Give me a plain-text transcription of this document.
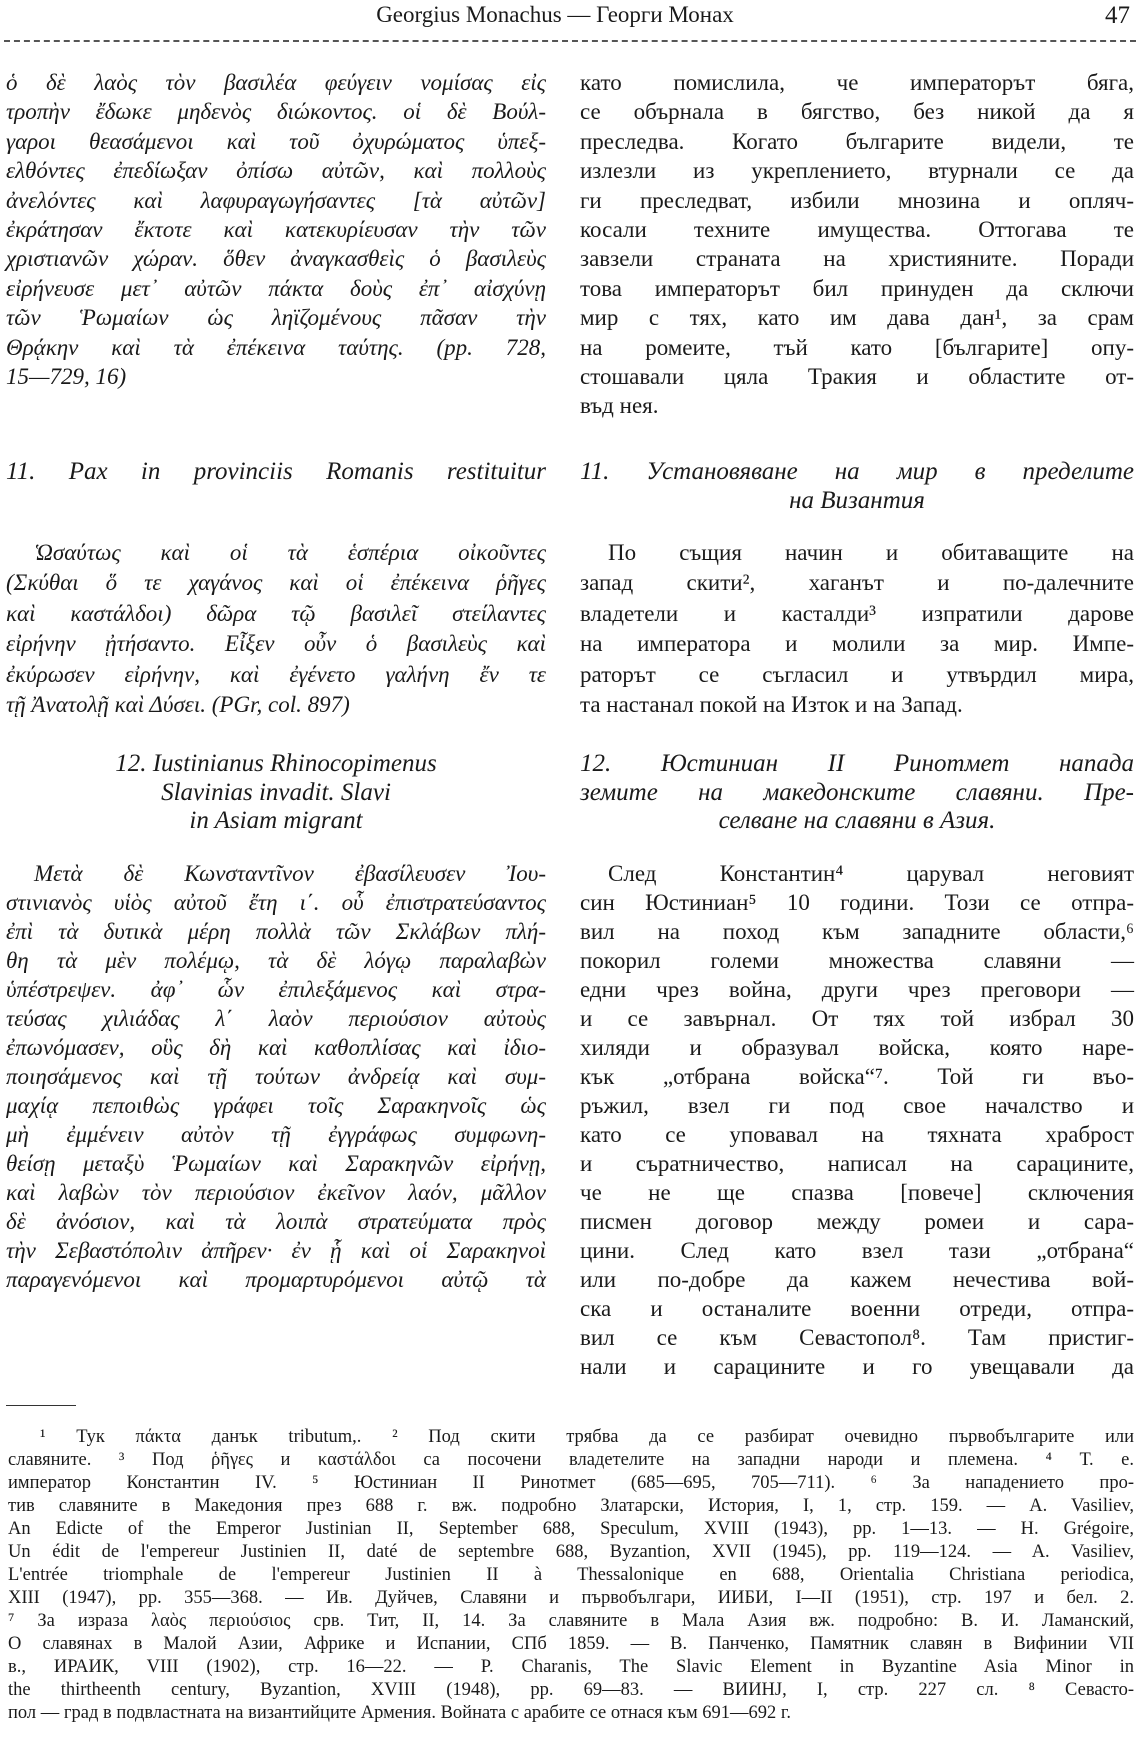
Georgius Monachus — Георги Монах	47
ὁ δὲ λαὸς τὸν βασιλέα φεύγειν νομίσας εἰς
τροπὴν ἔδωκε μηδενὸς διώκοντος. οἱ δὲ Βούλ-
γαροι θεασάμενοι καὶ τοῦ ὀχυρώματος ὑπεξ-
ελθόντες ἐπεδίωξαν ὀπίσω αὐτῶν, καὶ πολλοὺς
ἀνελόντες καὶ λαφυραγωγήσαντες [τὰ αὐτῶν]
ἐκράτησαν ἔκτοτε καὶ κατεκυρίευσαν τὴν τῶν
χριστιανῶν χώραν. ὅθεν ἀναγκασθεὶς ὁ βασιλεὺς
εἰρήνευσε μετ᾽ αὐτῶν πάκτα δοὺς ἐπ᾽ αἰσχύνῃ
τῶν Ῥωμαίων ὡς ληϊζομένους πᾶσαν τὴν
Θρᾴκην καὶ τὰ ἐπέκεινα ταύτης. (pp. 728,
15—729, 16)
като помислила, че императорът бяга,
се обърнала в бягство, без никой да я
преследва. Когато българите видели, те
излезли из укреплението, втурнали се да
ги преследват, избили мнозина и опляч-
косали техните имущества. Оттогава те
завзели страната на християните. Поради
това императорът бил принуден да сключи
мир с тях, като им дава дан¹, за срам
на ромеите, тъй като [българите] опу-
стошавали цяла Тракия и областите от-
въд нея.
11. Pax in provinciis Romanis restituitur 11. Установяване на мир в пределите
на Византия
Ὡσαύτως καὶ οἱ τὰ ἑσπέρια οἰκοῦντες
(Σκύθαι ὅ τε χαγάνος καὶ οἱ ἐπέκεινα ῥῆγες
καὶ καστάλδοι) δῶρα τῷ βασιλεῖ στείλαντες
εἰρήνην ᾐτήσαντο. Εἶξεν οὖν ὁ βασιλεὺς καὶ
ἐκύρωσεν εἰρήνην, καὶ ἐγένετο γαλήνη ἔν τε
τῇ Ἀνατολῇ καὶ Δύσει. (PGr, col. 897)
По същия начин и обитаващите на
запад скити², хаганът и по-далечните
владетели и касталди³ изпратили дарове
на императора и молили за мир. Импе-
раторът се съгласил и утвърдил мира,
та настанал покой на Изток и на Запад.
12. Iustinianus Rhinocopimenus
Slavinias invadit. Slavi
in Asiam migrant
12. Юстиниан II Ринотмет напада
земите на македонските славяни. Пре-
селване на славяни в Азия.
Μετὰ δὲ Κωνσταντῖνον ἐβασίλευσεν Ἰου-
στινιανὸς υἱὸς αὐτοῦ ἔτη ι΄. οὗ ἐπιστρατεύσαντος
ἐπὶ τὰ δυτικὰ μέρη πολλὰ τῶν Σκλάβων πλή-
θη τὰ μὲν πολέμῳ, τὰ δὲ λόγῳ παραλαβὼν
ὑπέστρεψεν. ἀφ᾽ ὧν ἐπιλεξάμενος καὶ στρα-
τεύσας χιλιάδας λ΄ λαὸν περιούσιον αὐτοὺς
ἐπωνόμασεν, οὓς δὴ καὶ καθοπλίσας καὶ ἰδιο-
ποιησάμενος καὶ τῇ τούτων ἀνδρείᾳ καὶ συμ-
μαχίᾳ πεποιθὼς γράφει τοῖς Σαρακηνοῖς ὡς
μὴ ἐμμένειν αὐτὸν τῇ ἐγγράφως συμφωνη-
θείσῃ μεταξὺ Ῥωμαίων καὶ Σαρακηνῶν εἰρήνῃ,
καὶ λαβὼν τὸν περιούσιον ἐκεῖνον λαόν, μᾶλλον
δὲ ἀνόσιον, καὶ τὰ λοιπὰ στρατεύματα πρὸς
τὴν Σεβαστόπολιν ἀπῆρεν· ἐν ᾗ καὶ οἱ Σαρακηνοὶ
παραγενόμενοι καὶ προμαρτυρόμενοι αὐτῷ τὰ
След Константин⁴ царувал неговият
син Юстиниан⁵ 10 години. Този се отпра-
вил на поход към западните области,⁶
покорил големи множества славяни —
едни чрез война, други чрез преговори —
и се завърнал. От тях той избрал 30
хиляди и образувал войска, която наре-
кък „отбрана войска“⁷. Той ги въо-
ръжил, взел ги под свое началство и
като се уповавал на тяхната храброст
и съратничество, написал на сарацините,
че не ще спазва [повече] сключения
писмен договор между ромеи и сара-
цини. След като взел тази „отбрана“
или по-добре да кажем нечестива вой-
ска и останалите военни отреди, отпра-
вил се към Севастопол⁸. Там пристиг-
нали и сарацините и го увещавали да
¹ Тук πάκτα данък tributum,. ² Под скити трябва да се разбират очевидно първобългарите или
славяните. ³ Под ῥῆγες и καστάλδοι са посочени владетелите на западни народи и племена. ⁴ Т. е.
император Константин IV. ⁵ Юстиниан II Ринотмет (685—695, 705—711). ⁶ За нападението про-
тив славяните в Македония през 688 г. вж. подробно Златарски, История, I, 1, стр. 159. — A. Vasiliev,
An Edicte of the Emperor Justinian II, September 688, Speculum, XVIII (1943), pp. 1—13. — H. Grégoire,
Un édit de l'empereur Justinien II, daté de septembre 688, Byzantion, XVII (1945), pp. 119—124. — A. Vasiliev,
L'entrée triomphale de l'empereur Justinien II à Thessalonique en 688, Orientalia Christiana periodica,
XIII (1947), pp. 355—368. — Ив. Дуйчев, Славяни и първобългари, ИИБИ, I—II (1951), стр. 197 и бел. 2.
⁷ За израза λαὸς περιούσιος срв. Тит, II, 14. За славяните в Мала Азия вж. подробно: В. И. Ламанский,
О славянах в Малой Азии, Африке и Испании, СПб 1859. — В. Панченко, Памятник славян в Вифинии VII
в., ИРАИК, VIII (1902), стр. 16—22. — P. Charanis, The Slavic Element in Byzantine Asia Minor in
the thirtheenth century, Byzantion, XVIII (1948), pp. 69—83. — ВИИНЈ, I, стр. 227 сл. ⁸ Севасто-
пол — град в подвластната на византийците Армения. Войната с арабите се отнася към 691—692 г.
